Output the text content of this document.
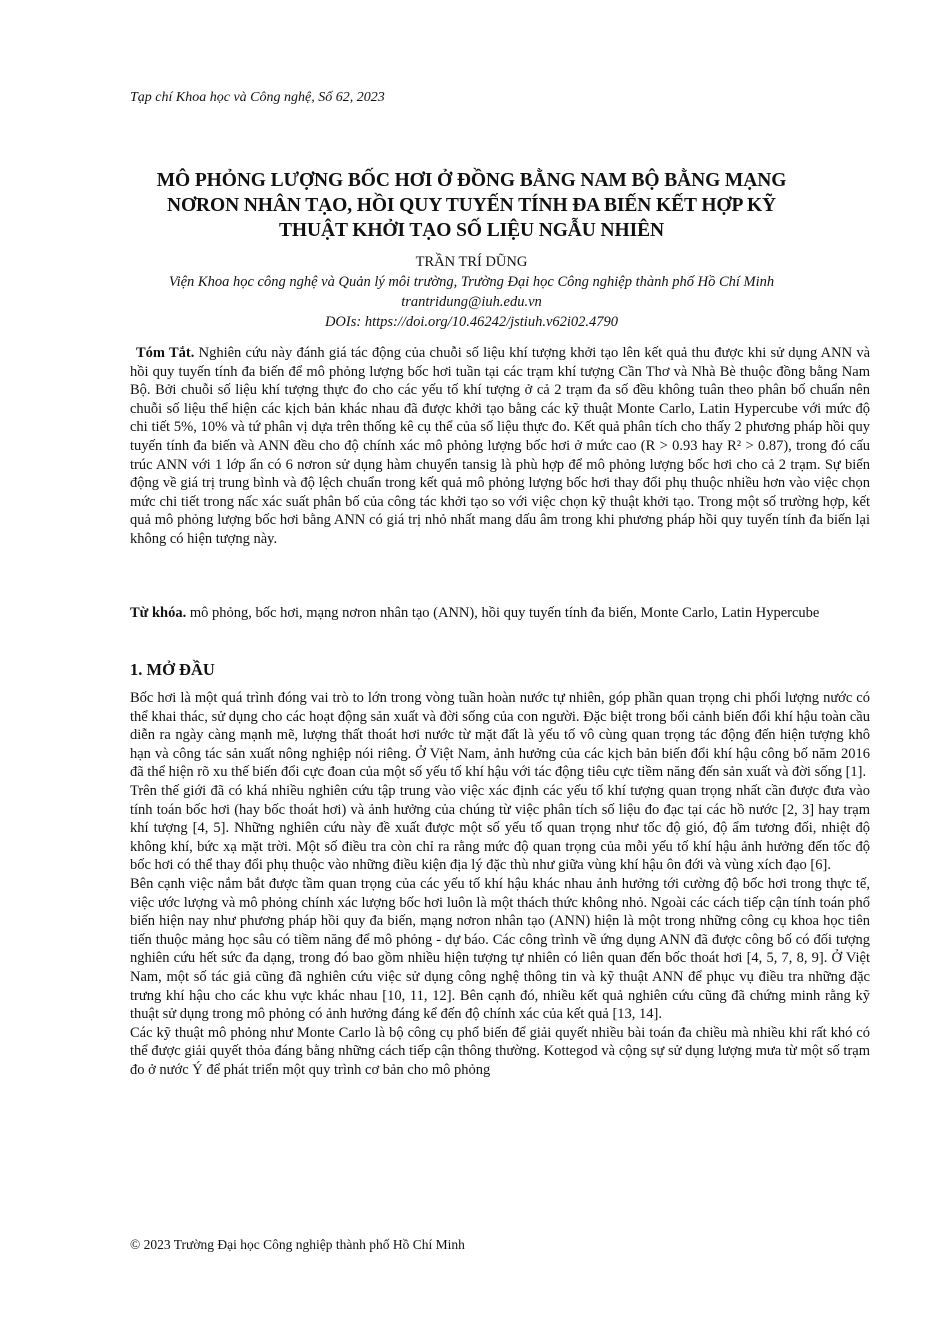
Tạp chí Khoa học và Công nghệ, Số 62, 2023
MÔ PHỎNG LƯỢNG BỐC HƠI Ở ĐỒNG BẰNG NAM BỘ BẰNG MẠNG
NƠRON NHÂN TẠO, HỒI QUY TUYẾN TÍNH ĐA BIẾN KẾT HỢP KỸ
THUẬT KHỞI TẠO SỐ LIỆU NGẪU NHIÊN
TRẦN TRÍ DŨNG
Viện Khoa học công nghệ và Quản lý môi trường, Trường Đại học Công nghiệp thành phố Hồ Chí Minh
trantridung@iuh.edu.vn
DOIs: https://doi.org/10.46242/jstiuh.v62i02.4790
Tóm Tắt. Nghiên cứu này đánh giá tác động của chuỗi số liệu khí tượng khởi tạo lên kết quả thu được khi sử dụng ANN và hồi quy tuyến tính đa biến để mô phỏng lượng bốc hơi tuần tại các trạm khí tượng Cần Thơ và Nhà Bè thuộc đồng bằng Nam Bộ. Bởi chuỗi số liệu khí tượng thực đo cho các yếu tố khí tượng ở cả 2 trạm đa số đều không tuân theo phân bố chuẩn nên chuỗi số liệu thể hiện các kịch bản khác nhau đã được khởi tạo bằng các kỹ thuật Monte Carlo, Latin Hypercube với mức độ chi tiết 5%, 10% và tứ phân vị dựa trên thống kê cụ thể của số liệu thực đo. Kết quả phân tích cho thấy 2 phương pháp hồi quy tuyến tính đa biến và ANN đều cho độ chính xác mô phỏng lượng bốc hơi ở mức cao (R > 0.93 hay R² > 0.87), trong đó cấu trúc ANN với 1 lớp ẩn có 6 nơron sử dụng hàm chuyển tansig là phù hợp để mô phỏng lượng bốc hơi cho cả 2 trạm. Sự biến động về giá trị trung bình và độ lệch chuẩn trong kết quả mô phỏng lượng bốc hơi thay đổi phụ thuộc nhiều hơn vào việc chọn mức chi tiết trong nấc xác suất phân bố của công tác khởi tạo so với việc chọn kỹ thuật khởi tạo. Trong một số trường hợp, kết quả mô phỏng lượng bốc hơi bằng ANN có giá trị nhỏ nhất mang dấu âm trong khi phương pháp hồi quy tuyến tính đa biến lại không có hiện tượng này.
Từ khóa. mô phỏng, bốc hơi, mạng nơron nhân tạo (ANN), hồi quy tuyến tính đa biến, Monte Carlo, Latin Hypercube
1. MỞ ĐẦU

Bốc hơi là một quá trình đóng vai trò to lớn trong vòng tuần hoàn nước tự nhiên, góp phần quan trọng chi phối lượng nước có thể khai thác, sử dụng cho các hoạt động sản xuất và đời sống của con người. Đặc biệt trong bối cảnh biến đổi khí hậu toàn cầu diễn ra ngày càng mạnh mẽ, lượng thất thoát hơi nước từ mặt đất là yếu tố vô cùng quan trọng tác động đến hiện tượng khô hạn và công tác sản xuất nông nghiệp nói riêng. Ở Việt Nam, ảnh hưởng của các kịch bản biến đổi khí hậu công bố năm 2016 đã thể hiện rõ xu thế biến đổi cực đoan của một số yếu tố khí hậu với tác động tiêu cực tiềm năng đến sản xuất và đời sống [1].

Trên thế giới đã có khá nhiều nghiên cứu tập trung vào việc xác định các yếu tố khí tượng quan trọng nhất cần được đưa vào tính toán bốc hơi (hay bốc thoát hơi) và ảnh hưởng của chúng từ việc phân tích số liệu đo đạc tại các hồ nước [2, 3] hay trạm khí tượng [4, 5]. Những nghiên cứu này đề xuất được một số yếu tố quan trọng như tốc độ gió, độ ẩm tương đối, nhiệt độ không khí, bức xạ mặt trời. Một số điều tra còn chỉ ra rằng mức độ quan trọng của mỗi yếu tố khí hậu ảnh hưởng đến tốc độ bốc hơi có thể thay đổi phụ thuộc vào những điều kiện địa lý đặc thù như giữa vùng khí hậu ôn đới và vùng xích đạo [6].

Bên cạnh việc nắm bắt được tầm quan trọng của các yếu tố khí hậu khác nhau ảnh hưởng tới cường độ bốc hơi trong thực tế, việc ước lượng và mô phỏng chính xác lượng bốc hơi luôn là một thách thức không nhỏ. Ngoài các cách tiếp cận tính toán phổ biến hiện nay như phương pháp hồi quy đa biến, mạng nơron nhân tạo (ANN) hiện là một trong những công cụ khoa học tiên tiến thuộc mảng học sâu có tiềm năng để mô phỏng - dự báo. Các công trình về ứng dụng ANN đã được công bố có đối tượng nghiên cứu hết sức đa dạng, trong đó bao gồm nhiều hiện tượng tự nhiên có liên quan đến bốc thoát hơi [4, 5, 7, 8, 9]. Ở Việt Nam, một số tác giả cũng đã nghiên cứu việc sử dụng công nghệ thông tin và kỹ thuật ANN để phục vụ điều tra những đặc trưng khí hậu cho các khu vực khác nhau [10, 11, 12]. Bên cạnh đó, nhiều kết quả nghiên cứu cũng đã chứng minh rằng kỹ thuật sử dụng trong mô phỏng có ảnh hưởng đáng kể đến độ chính xác của kết quả [13, 14].

Các kỹ thuật mô phỏng như Monte Carlo là bộ công cụ phổ biến để giải quyết nhiều bài toán đa chiều mà nhiều khi rất khó có thể được giải quyết thỏa đáng bằng những cách tiếp cận thông thường. Kottegod và cộng sự sử dụng lượng mưa từ một số trạm đo ở nước Ý để phát triển một quy trình cơ bản cho mô phỏng

© 2023 Trường Đại học Công nghiệp thành phố Hồ Chí Minh
